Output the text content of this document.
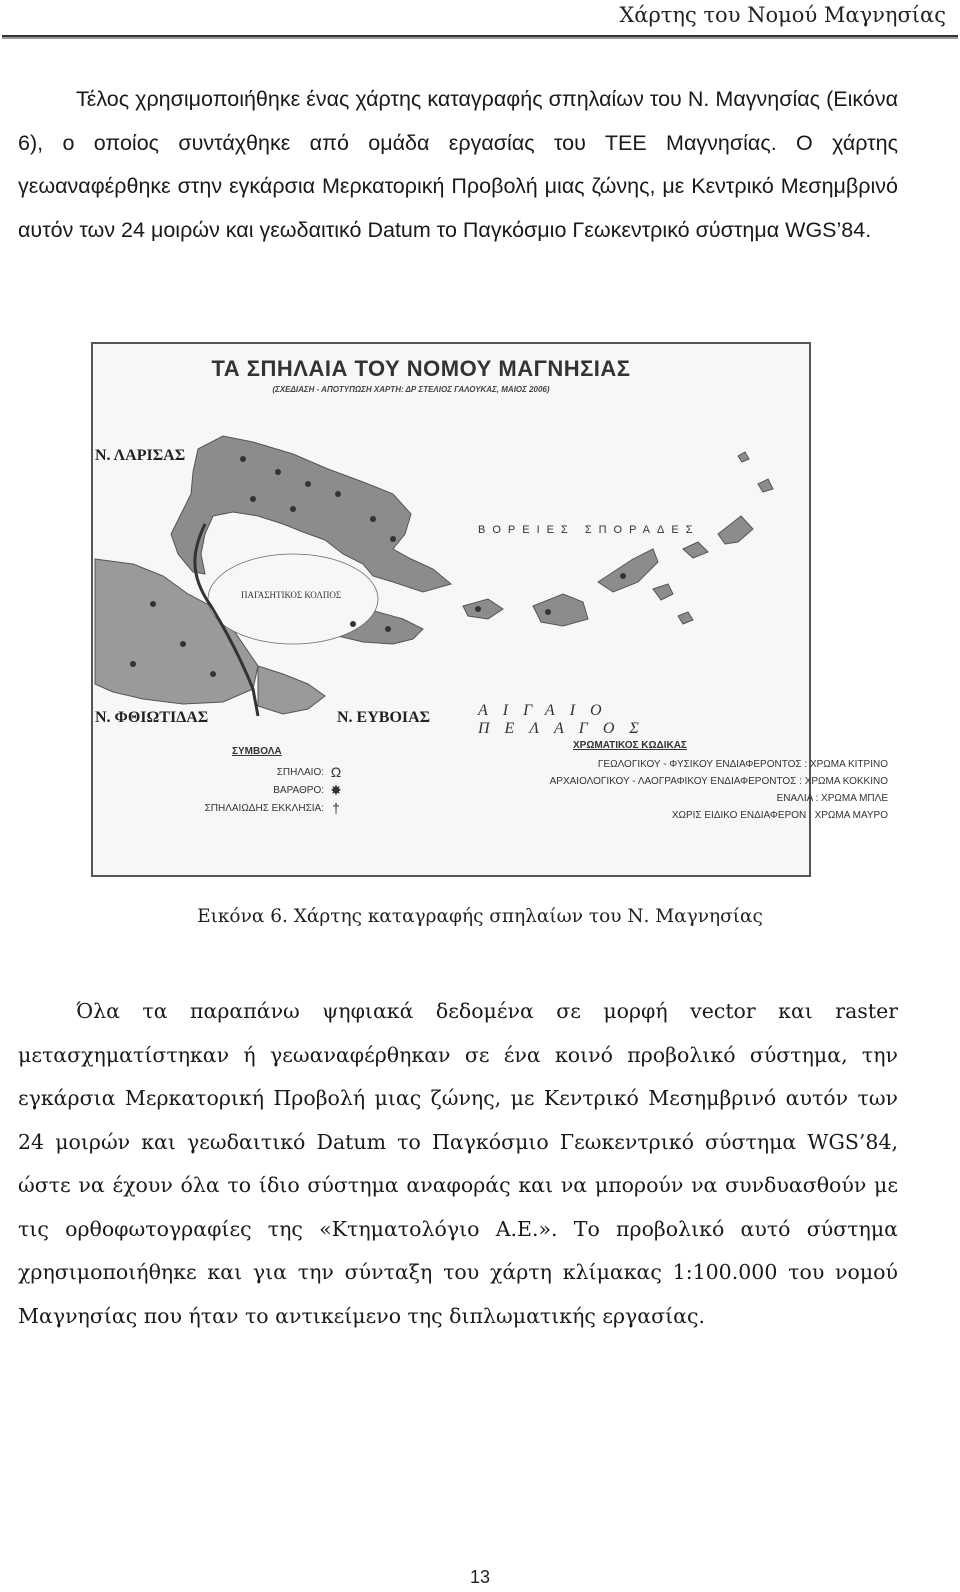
Χάρτης του Νομού Μαγνησίας

Τέλος χρησιμοποιήθηκε ένας χάρτης καταγραφής σπηλαίων του Ν. Μαγνησίας (Εικόνα 6), ο οποίος συντάχθηκε από ομάδα εργασίας του ΤΕΕ Μαγνησίας. Ο χάρτης γεωαναφέρθηκε στην εγκάρσια Μερκατορική Προβολή μιας ζώνης, με Κεντρικό Μεσημβρινό αυτόν των 24 μοιρών και γεωδαιτικό Datum το Παγκόσμιο Γεωκεντρικό σύστημα WGS’84.

ΤΑ ΣΠΗΛΑΙΑ ΤΟΥ ΝΟΜΟΥ ΜΑΓΝΗΣΙΑΣ
(ΣΧΕΔΙΑΣΗ - ΑΠΟΤΥΠΩΣΗ ΧΑΡΤΗ: ΔΡ ΣΤΕΛΙΟΣ ΓΑΛΟΥΚΑΣ, ΜΑΙΟΣ 2006)
Ν. ΛΑΡΙΣΑΣ
Ν. ΦΘΙΩΤΙΔΑΣ	Ν. ΕΥΒΟΙΑΣ
ΒΟΡΕΙΕΣ ΣΠΟΡΑΔΕΣ
ΠΑΓΑΣΗΤΙΚΟΣ ΚΟΛΠΟΣ
ΑΙΓΑΙΟ ΠΕΛΑΓΟΣ
ΣΥΜΒΟΛΑ
ΣΠΗΛΑΙΟ: Ω
ΒΑΡΑΘΡΟ: ✸
ΣΠΗΛΑΙΩΔΗΣ ΕΚΚΛΗΣΙΑ: †
ΧΡΩΜΑΤΙΚΟΣ ΚΩΔΙΚΑΣ
ΓΕΩΛΟΓΙΚΟΥ - ΦΥΣΙΚΟΥ ΕΝΔΙΑΦΕΡΟΝΤΟΣ : ΧΡΩΜΑ ΚΙΤΡΙΝΟ
ΑΡΧΑΙΟΛΟΓΙΚΟΥ - ΛΑΟΓΡΑΦΙΚΟΥ ΕΝΔΙΑΦΕΡΟΝΤΟΣ : ΧΡΩΜΑ ΚΟΚΚΙΝΟ
ΕΝΑΛΙΑ : ΧΡΩΜΑ ΜΠΛΕ
ΧΩΡΙΣ ΕΙΔΙΚΟ ΕΝΔΙΑΦΕΡΟΝ : ΧΡΩΜΑ ΜΑΥΡΟ
Εικόνα 6. Χάρτης καταγραφής σπηλαίων του Ν. Μαγνησίας

Όλα τα παραπάνω ψηφιακά δεδομένα σε μορφή vector και raster μετασχηματίστηκαν ή γεωαναφέρθηκαν σε ένα κοινό προβολικό σύστημα, την εγκάρσια Μερκατορική Προβολή μιας ζώνης, με Κεντρικό Μεσημβρινό αυτόν των 24 μοιρών και γεωδαιτικό Datum το Παγκόσμιο Γεωκεντρικό σύστημα WGS’84, ώστε να έχουν όλα το ίδιο σύστημα αναφοράς και να μπορούν να συνδυασθούν με τις ορθοφωτογραφίες της «Κτηματολόγιο Α.Ε.». Το προβολικό αυτό σύστημα χρησιμοποιήθηκε και για την σύνταξη του χάρτη κλίμακας 1:100.000 του νομού Μαγνησίας που ήταν το αντικείμενο της διπλωματικής εργασίας.

13
